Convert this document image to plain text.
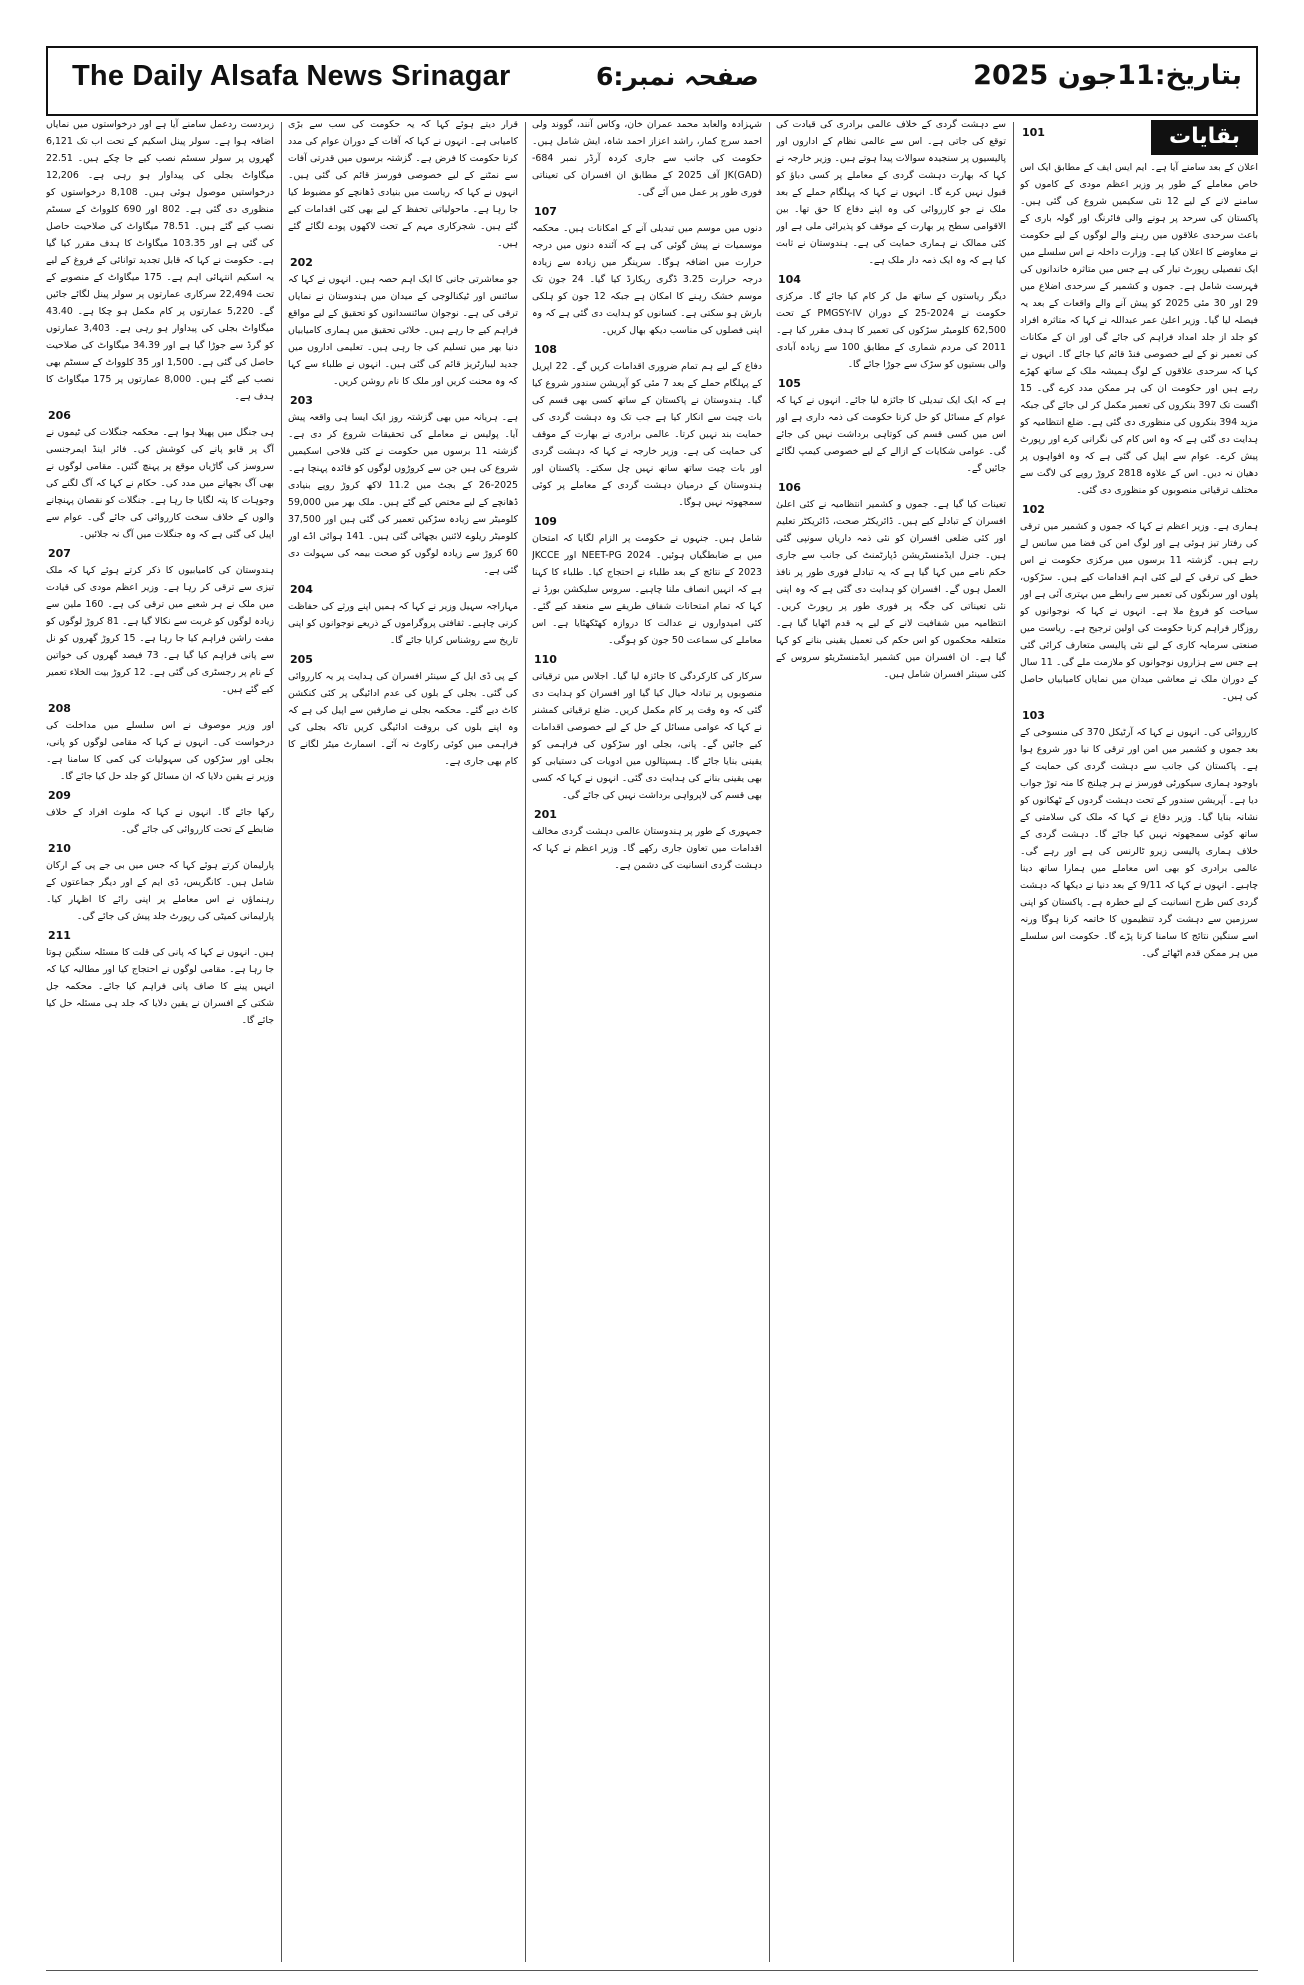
The Daily Alsafa News Srinagar	صفحہ نمبر:6	بتاریخ:11جون 2025
بقایات
101

اعلان کے بعد سامنے آیا ہے۔ ایم ایس ایف کے مطابق ایک اس خاص معاملے کے طور پر وزیر اعظم مودی کے کاموں کو سامنے لانے کے لیے 12 نئی سکیمیں شروع کی گئی ہیں۔ پاکستان کی سرحد پر ہونے والی فائرنگ اور گولہ باری کے باعث سرحدی علاقوں میں رہنے والے لوگوں کے لیے حکومت نے معاوضے کا اعلان کیا ہے۔ وزارت داخلہ نے اس سلسلے میں ایک تفصیلی رپورٹ تیار کی ہے جس میں متاثرہ خاندانوں کی فہرست شامل ہے۔ جموں و کشمیر کے سرحدی اضلاع میں 29 اور 30 مئی 2025 کو پیش آنے والے واقعات کے بعد یہ فیصلہ لیا گیا۔ وزیر اعلیٰ عمر عبداللہ نے کہا کہ متاثرہ افراد کو جلد از جلد امداد فراہم کی جائے گی اور ان کے مکانات کی تعمیر نو کے لیے خصوصی فنڈ قائم کیا جائے گا۔ انہوں نے کہا کہ سرحدی علاقوں کے لوگ ہمیشہ ملک کے ساتھ کھڑے رہے ہیں اور حکومت ان کی ہر ممکن مدد کرے گی۔ 15 اگست تک 397 بنکروں کی تعمیر مکمل کر لی جائے گی جبکہ مزید 394 بنکروں کی منظوری دی گئی ہے۔ ضلع انتظامیہ کو ہدایت دی گئی ہے کہ وہ اس کام کی نگرانی کرے اور رپورٹ پیش کرے۔ عوام سے اپیل کی گئی ہے کہ وہ افواہوں پر دھیان نہ دیں۔ اس کے علاوہ 2818 کروڑ روپے کی لاگت سے مختلف ترقیاتی منصوبوں کو منظوری دی گئی۔

102

ہماری ہے۔ وزیر اعظم نے کہا کہ جموں و کشمیر میں ترقی کی رفتار تیز ہوئی ہے اور لوگ امن کی فضا میں سانس لے رہے ہیں۔ گزشتہ 11 برسوں میں مرکزی حکومت نے اس خطے کی ترقی کے لیے کئی اہم اقدامات کیے ہیں۔ سڑکوں، پلوں اور سرنگوں کی تعمیر سے رابطے میں بہتری آئی ہے اور سیاحت کو فروغ ملا ہے۔ انہوں نے کہا کہ نوجوانوں کو روزگار فراہم کرنا حکومت کی اولین ترجیح ہے۔ ریاست میں صنعتی سرمایہ کاری کے لیے نئی پالیسی متعارف کرائی گئی ہے جس سے ہزاروں نوجوانوں کو ملازمت ملے گی۔ 11 سال کے دوران ملک نے معاشی میدان میں نمایاں کامیابیاں حاصل کی ہیں۔

103

کارروائی کی۔ انہوں نے کہا کہ آرٹیکل 370 کی منسوخی کے بعد جموں و کشمیر میں امن اور ترقی کا نیا دور شروع ہوا ہے۔ پاکستان کی جانب سے دہشت گردی کی حمایت کے باوجود ہماری سیکورٹی فورسز نے ہر چیلنج کا منہ توڑ جواب دیا ہے۔ آپریشن سندور کے تحت دہشت گردوں کے ٹھکانوں کو نشانہ بنایا گیا۔ وزیر دفاع نے کہا کہ ملک کی سلامتی کے ساتھ کوئی سمجھوتہ نہیں کیا جائے گا۔ دہشت گردی کے خلاف ہماری پالیسی زیرو ٹالرنس کی ہے اور رہے گی۔ عالمی برادری کو بھی اس معاملے میں ہمارا ساتھ دینا چاہیے۔ انہوں نے کہا کہ 9/11 کے بعد دنیا نے دیکھا کہ دہشت گردی کس طرح انسانیت کے لیے خطرہ ہے۔ پاکستان کو اپنی سرزمین سے دہشت گرد تنظیموں کا خاتمہ کرنا ہوگا ورنہ اسے سنگین نتائج کا سامنا کرنا پڑے گا۔ حکومت اس سلسلے میں ہر ممکن قدم اٹھائے گی۔

سے دہشت گردی کے خلاف عالمی برادری کی قیادت کی توقع کی جاتی ہے۔ اس سے عالمی نظام کے اداروں اور پالیسیوں پر سنجیدہ سوالات پیدا ہوتے ہیں۔ وزیر خارجہ نے کہا کہ بھارت دہشت گردی کے معاملے پر کسی دباؤ کو قبول نہیں کرے گا۔ انہوں نے کہا کہ پہلگام حملے کے بعد ملک نے جو کارروائی کی وہ اپنے دفاع کا حق تھا۔ بین الاقوامی سطح پر بھارت کے موقف کو پذیرائی ملی ہے اور کئی ممالک نے ہماری حمایت کی ہے۔ ہندوستان نے ثابت کیا ہے کہ وہ ایک ذمہ دار ملک ہے۔

104

دیگر ریاستوں کے ساتھ مل کر کام کیا جائے گا۔ مرکزی حکومت نے 2024-25 کے دوران PMGSY-IV کے تحت 62,500 کلومیٹر سڑکوں کی تعمیر کا ہدف مقرر کیا ہے۔ 2011 کی مردم شماری کے مطابق 100 سے زیادہ آبادی والی بستیوں کو سڑک سے جوڑا جائے گا۔

105

ہے کہ ایک ایک تبدیلی کا جائزہ لیا جائے۔ انہوں نے کہا کہ عوام کے مسائل کو حل کرنا حکومت کی ذمہ داری ہے اور اس میں کسی قسم کی کوتاہی برداشت نہیں کی جائے گی۔ عوامی شکایات کے ازالے کے لیے خصوصی کیمپ لگائے جائیں گے۔

106

تعینات کیا گیا ہے۔ جموں و کشمیر انتظامیہ نے کئی اعلیٰ افسران کے تبادلے کیے ہیں۔ ڈائریکٹر صحت، ڈائریکٹر تعلیم اور کئی ضلعی افسران کو نئی ذمہ داریاں سونپی گئی ہیں۔ جنرل ایڈمنسٹریشن ڈپارٹمنٹ کی جانب سے جاری حکم نامے میں کہا گیا ہے کہ یہ تبادلے فوری طور پر نافذ العمل ہوں گے۔ افسران کو ہدایت دی گئی ہے کہ وہ اپنی نئی تعیناتی کی جگہ پر فوری طور پر رپورٹ کریں۔ انتظامیہ میں شفافیت لانے کے لیے یہ قدم اٹھایا گیا ہے۔ متعلقہ محکموں کو اس حکم کی تعمیل یقینی بنانے کو کہا گیا ہے۔ ان افسران میں کشمیر ایڈمنسٹریٹو سروس کے کئی سینئر افسران شامل ہیں۔

شہزادہ والعابد محمد عمران خان، وکاس آنند، گووند ولی احمد سرج کمار، راشد اعزاز احمد شاہ، ایش شامل ہیں۔ حکومت کی جانب سے جاری کردہ آرڈر نمبر 684-JK(GAD) آف 2025 کے مطابق ان افسران کی تعیناتی فوری طور پر عمل میں آئے گی۔

107

دنوں میں موسم میں تبدیلی آنے کے امکانات ہیں۔ محکمہ موسمیات نے پیش گوئی کی ہے کہ آئندہ دنوں میں درجہ حرارت میں اضافہ ہوگا۔ سرینگر میں زیادہ سے زیادہ درجہ حرارت 3.25 ڈگری ریکارڈ کیا گیا۔ 24 جون تک موسم خشک رہنے کا امکان ہے جبکہ 12 جون کو ہلکی بارش ہو سکتی ہے۔ کسانوں کو ہدایت دی گئی ہے کہ وہ اپنی فصلوں کی مناسب دیکھ بھال کریں۔

108

دفاع کے لیے ہم تمام ضروری اقدامات کریں گے۔ 22 اپریل کے پہلگام حملے کے بعد 7 مئی کو آپریشن سندور شروع کیا گیا۔ ہندوستان نے پاکستان کے ساتھ کسی بھی قسم کی بات چیت سے انکار کیا ہے جب تک وہ دہشت گردی کی حمایت بند نہیں کرتا۔ عالمی برادری نے بھارت کے موقف کی حمایت کی ہے۔ وزیر خارجہ نے کہا کہ دہشت گردی اور بات چیت ساتھ ساتھ نہیں چل سکتے۔ پاکستان اور ہندوستان کے درمیان دہشت گردی کے معاملے پر کوئی سمجھوتہ نہیں ہوگا۔

109

شامل ہیں۔ جنہوں نے حکومت پر الزام لگایا کہ امتحان میں بے ضابطگیاں ہوئیں۔ NEET-PG 2024 اور JKCCE 2023 کے نتائج کے بعد طلباء نے احتجاج کیا۔ طلباء کا کہنا ہے کہ انہیں انصاف ملنا چاہیے۔ سروس سلیکشن بورڈ نے کہا کہ تمام امتحانات شفاف طریقے سے منعقد کیے گئے۔ کئی امیدواروں نے عدالت کا دروازہ کھٹکھٹایا ہے۔ اس معاملے کی سماعت 50 جون کو ہوگی۔

110

سرکار کی کارکردگی کا جائزہ لیا گیا۔ اجلاس میں ترقیاتی منصوبوں پر تبادلہ خیال کیا گیا اور افسران کو ہدایت دی گئی کہ وہ وقت پر کام مکمل کریں۔ ضلع ترقیاتی کمشنر نے کہا کہ عوامی مسائل کے حل کے لیے خصوصی اقدامات کیے جائیں گے۔ پانی، بجلی اور سڑکوں کی فراہمی کو یقینی بنایا جائے گا۔ ہسپتالوں میں ادویات کی دستیابی کو بھی یقینی بنانے کی ہدایت دی گئی۔ انہوں نے کہا کہ کسی بھی قسم کی لاپرواہی برداشت نہیں کی جائے گی۔

201

جمہوری کے طور پر ہندوستان عالمی دہشت گردی مخالف اقدامات میں تعاون جاری رکھے گا۔ وزیر اعظم نے کہا کہ دہشت گردی انسانیت کی دشمن ہے۔

قرار دیتے ہوئے کہا کہ یہ حکومت کی سب سے بڑی کامیابی ہے۔ انہوں نے کہا کہ آفات کے دوران عوام کی مدد کرنا حکومت کا فرض ہے۔ گزشتہ برسوں میں قدرتی آفات سے نمٹنے کے لیے خصوصی فورسز قائم کی گئی ہیں۔ انہوں نے کہا کہ ریاست میں بنیادی ڈھانچے کو مضبوط کیا جا رہا ہے۔ ماحولیاتی تحفظ کے لیے بھی کئی اقدامات کیے گئے ہیں۔ شجرکاری مہم کے تحت لاکھوں پودے لگائے گئے ہیں۔

202

جو معاشرتی جانی کا ایک اہم حصہ ہیں۔ انہوں نے کہا کہ سائنس اور ٹیکنالوجی کے میدان میں ہندوستان نے نمایاں ترقی کی ہے۔ نوجوان سائنسدانوں کو تحقیق کے لیے مواقع فراہم کیے جا رہے ہیں۔ خلائی تحقیق میں ہماری کامیابیاں دنیا بھر میں تسلیم کی جا رہی ہیں۔ تعلیمی اداروں میں جدید لیبارٹریز قائم کی گئی ہیں۔ انہوں نے طلباء سے کہا کہ وہ محنت کریں اور ملک کا نام روشن کریں۔

203

ہے۔ ہریانہ میں بھی گزشتہ روز ایک ایسا ہی واقعہ پیش آیا۔ پولیس نے معاملے کی تحقیقات شروع کر دی ہے۔ گزشتہ 11 برسوں میں حکومت نے کئی فلاحی اسکیمیں شروع کی ہیں جن سے کروڑوں لوگوں کو فائدہ پہنچا ہے۔ 2025-26 کے بجٹ میں 11.2 لاکھ کروڑ روپے بنیادی ڈھانچے کے لیے مختص کیے گئے ہیں۔ ملک بھر میں 59,000 کلومیٹر سے زیادہ سڑکیں تعمیر کی گئی ہیں اور 37,500 کلومیٹر ریلوے لائنیں بچھائی گئی ہیں۔ 141 ہوائی اڈے اور 60 کروڑ سے زیادہ لوگوں کو صحت بیمہ کی سہولت دی گئی ہے۔

204

مہاراجہ سہیل وزیر نے کہا کہ ہمیں اپنے ورثے کی حفاظت کرنی چاہیے۔ ثقافتی پروگراموں کے ذریعے نوجوانوں کو اپنی تاریخ سے روشناس کرایا جائے گا۔

205

کے پی ڈی ایل کے سینئر افسران کی ہدایت پر یہ کارروائی کی گئی۔ بجلی کے بلوں کی عدم ادائیگی پر کئی کنکشن کاٹ دیے گئے۔ محکمہ بجلی نے صارفین سے اپیل کی ہے کہ وہ اپنے بلوں کی بروقت ادائیگی کریں تاکہ بجلی کی فراہمی میں کوئی رکاوٹ نہ آئے۔ اسمارٹ میٹر لگانے کا کام بھی جاری ہے۔

زبردست ردعمل سامنے آیا ہے اور درخواستوں میں نمایاں اضافہ ہوا ہے۔ سولر پینل اسکیم کے تحت اب تک 6,121 گھروں پر سولر سسٹم نصب کیے جا چکے ہیں۔ 22.51 میگاواٹ بجلی کی پیداوار ہو رہی ہے۔ 12,206 درخواستیں موصول ہوئی ہیں۔ 8,108 درخواستوں کو منظوری دی گئی ہے۔ 802 اور 690 کلوواٹ کے سسٹم نصب کیے گئے ہیں۔ 78.51 میگاواٹ کی صلاحیت حاصل کی گئی ہے اور 103.35 میگاواٹ کا ہدف مقرر کیا گیا ہے۔ حکومت نے کہا کہ قابل تجدید توانائی کے فروغ کے لیے یہ اسکیم انتہائی اہم ہے۔ 175 میگاواٹ کے منصوبے کے تحت 22,494 سرکاری عمارتوں پر سولر پینل لگائے جائیں گے۔ 5,220 عمارتوں پر کام مکمل ہو چکا ہے۔ 43.40 میگاواٹ بجلی کی پیداوار ہو رہی ہے۔ 3,403 عمارتوں کو گرڈ سے جوڑا گیا ہے اور 34.39 میگاواٹ کی صلاحیت حاصل کی گئی ہے۔ 1,500 اور 35 کلوواٹ کے سسٹم بھی نصب کیے گئے ہیں۔ 8,000 عمارتوں پر 175 میگاواٹ کا ہدف ہے۔

206

ہی جنگل میں پھیلا ہوا ہے۔ محکمہ جنگلات کی ٹیموں نے آگ پر قابو پانے کی کوشش کی۔ فائر اینڈ ایمرجنسی سروسز کی گاڑیاں موقع پر پہنچ گئیں۔ مقامی لوگوں نے بھی آگ بجھانے میں مدد کی۔ حکام نے کہا کہ آگ لگنے کی وجوہات کا پتہ لگایا جا رہا ہے۔ جنگلات کو نقصان پہنچانے والوں کے خلاف سخت کارروائی کی جائے گی۔ عوام سے اپیل کی گئی ہے کہ وہ جنگلات میں آگ نہ جلائیں۔

207

ہندوستان کی کامیابیوں کا ذکر کرتے ہوئے کہا کہ ملک تیزی سے ترقی کر رہا ہے۔ وزیر اعظم مودی کی قیادت میں ملک نے ہر شعبے میں ترقی کی ہے۔ 160 ملین سے زیادہ لوگوں کو غربت سے نکالا گیا ہے۔ 81 کروڑ لوگوں کو مفت راشن فراہم کیا جا رہا ہے۔ 15 کروڑ گھروں کو نل سے پانی فراہم کیا گیا ہے۔ 73 فیصد گھروں کی خواتین کے نام پر رجسٹری کی گئی ہے۔ 12 کروڑ بیت الخلاء تعمیر کیے گئے ہیں۔

208

اور وزیر موصوف نے اس سلسلے میں مداخلت کی درخواست کی۔ انہوں نے کہا کہ مقامی لوگوں کو پانی، بجلی اور سڑکوں کی سہولیات کی کمی کا سامنا ہے۔ وزیر نے یقین دلایا کہ ان مسائل کو جلد حل کیا جائے گا۔

209

رکھا جائے گا۔ انہوں نے کہا کہ ملوث افراد کے خلاف ضابطے کے تحت کارروائی کی جائے گی۔

210

پارلیمان کرتے ہوئے کہا کہ جس میں بی جے پی کے ارکان شامل ہیں۔ کانگریس، ڈی ایم کے اور دیگر جماعتوں کے رہنماؤں نے اس معاملے پر اپنی رائے کا اظہار کیا۔ پارلیمانی کمیٹی کی رپورٹ جلد پیش کی جائے گی۔

211

ہیں۔ انہوں نے کہا کہ پانی کی قلت کا مسئلہ سنگین ہوتا جا رہا ہے۔ مقامی لوگوں نے احتجاج کیا اور مطالبہ کیا کہ انہیں پینے کا صاف پانی فراہم کیا جائے۔ محکمہ جل شکتی کے افسران نے یقین دلایا کہ جلد ہی مسئلہ حل کیا جائے گا۔
